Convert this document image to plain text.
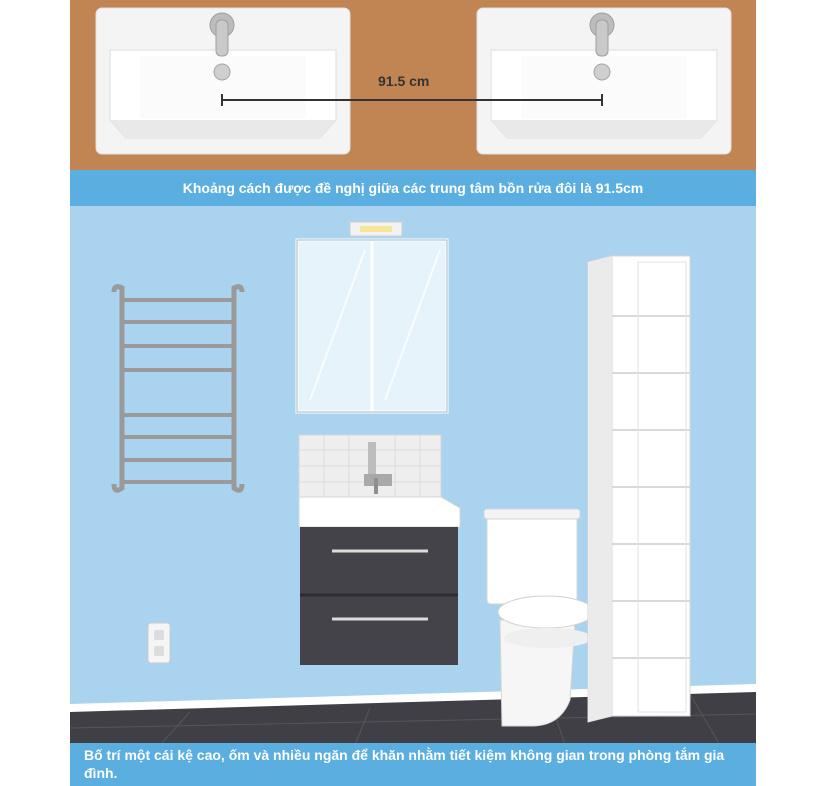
91.5 cm
Khoảng cách được đề nghị giữa các trung tâm bồn rửa đôi là 91.5cm
Bố trí một cái kệ cao, ốm và nhiều ngăn để khăn nhằm tiết kiệm không gian trong phòng tắm gia đình.
